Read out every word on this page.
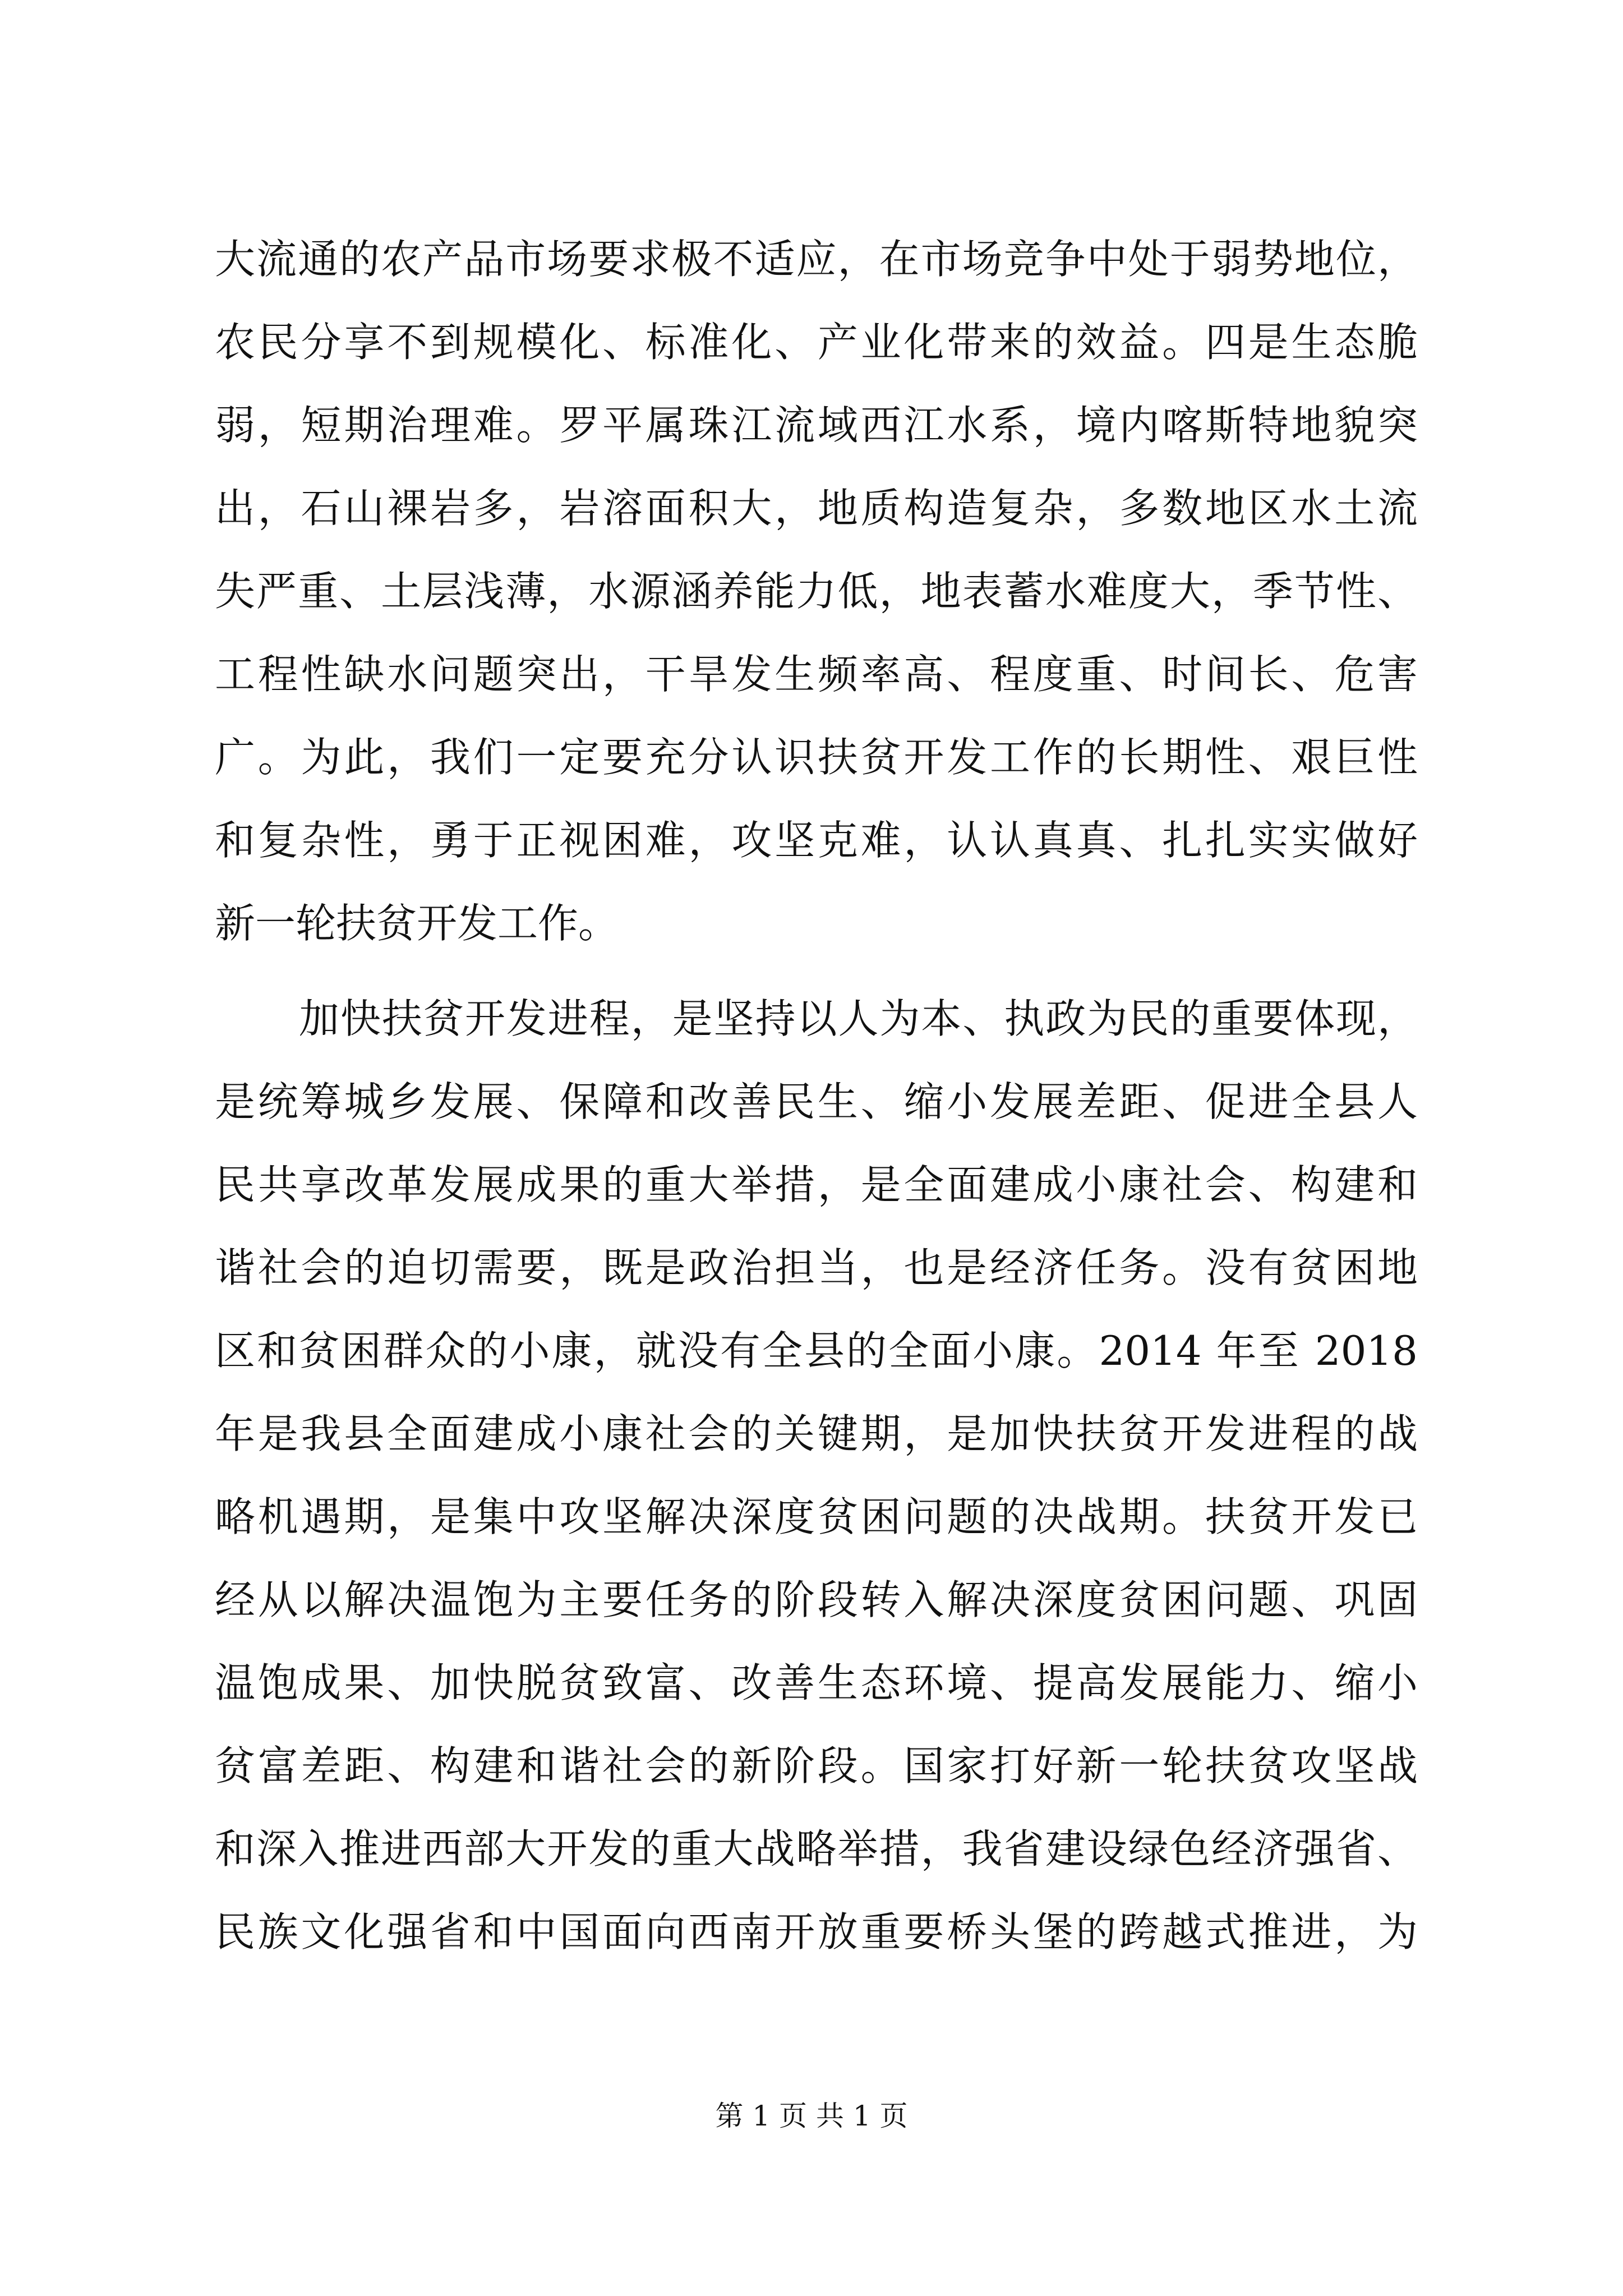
大流通的农产品市场要求极不适应，在市场竞争中处于弱势地位，
农民分享不到规模化、标准化、产业化带来的效益。四是生态脆
弱，短期治理难。罗平属珠江流域西江水系，境内喀斯特地貌突
出，石山裸岩多，岩溶面积大，地质构造复杂，多数地区水土流
失严重、土层浅薄，水源涵养能力低，地表蓄水难度大，季节性、
工程性缺水问题突出，干旱发生频率高、程度重、时间长、危害
广。为此，我们一定要充分认识扶贫开发工作的长期性、艰巨性
和复杂性，勇于正视困难，攻坚克难，认认真真、扎扎实实做好
新一轮扶贫开发工作。
加快扶贫开发进程，是坚持以人为本、执政为民的重要体现，
是统筹城乡发展、保障和改善民生、缩小发展差距、促进全县人
民共享改革发展成果的重大举措，是全面建成小康社会、构建和
谐社会的迫切需要，既是政治担当，也是经济任务。没有贫困地
区和贫困群众的小康，就没有全县的全面小康。2014 年至 2018
年是我县全面建成小康社会的关键期，是加快扶贫开发进程的战
略机遇期，是集中攻坚解决深度贫困问题的决战期。扶贫开发已
经从以解决温饱为主要任务的阶段转入解决深度贫困问题、巩固
温饱成果、加快脱贫致富、改善生态环境、提高发展能力、缩小
贫富差距、构建和谐社会的新阶段。国家打好新一轮扶贫攻坚战
和深入推进西部大开发的重大战略举措，我省建设绿色经济强省、
民族文化强省和中国面向西南开放重要桥头堡的跨越式推进，为
第 1 页 共 1 页
